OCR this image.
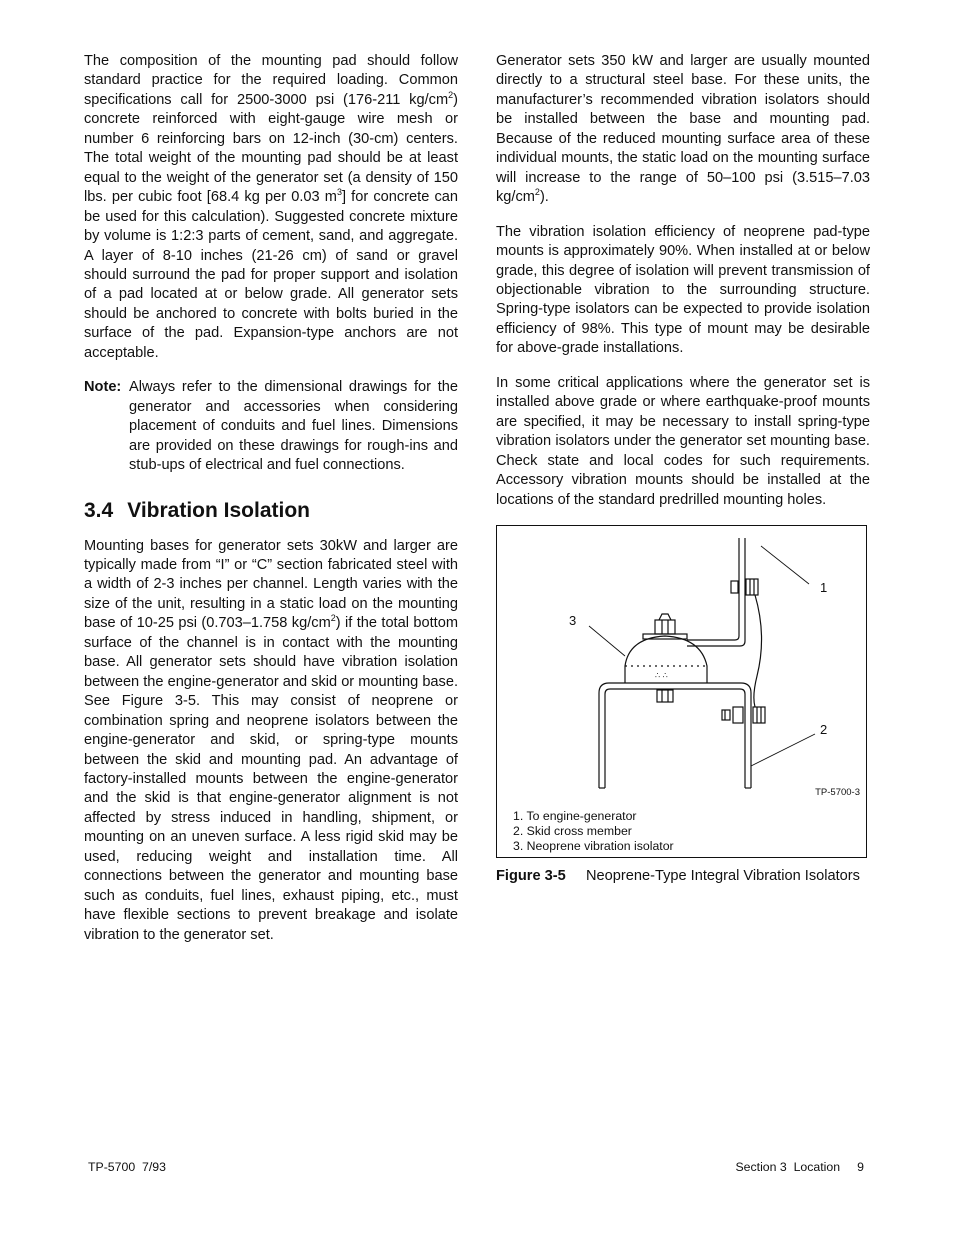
The composition of the mounting pad should follow standard practice for the required loading. Common specifications call for 2500-3000 psi (176-211 $kg/cm^2$) concrete reinforced with eight-gauge wire mesh or number 6 reinforcing bars on 12-inch (30-cm) centers. The total weight of the mounting pad should be at least equal to the weight of the generator set (a density of 150 lbs. per cubic foot [68.4 kg per 0.03 $m^3$] for concrete can be used for this calculation). Suggested concrete mixture by volume is 1:2:3 parts of cement, sand, and aggregate. A layer of 8-10 inches (21-26 cm) of sand or gravel should surround the pad for proper support and isolation of a pad located at or below grade. All generator sets should be anchored to concrete with bolts buried in the surface of the pad. Expansion-type anchors are not acceptable.

Note: Always refer to the dimensional drawings for the generator and accessories when considering placement of conduits and fuel lines. Dimensions are provided on these drawings for rough-ins and stub-ups of electrical and fuel connections.
3.4 Vibration Isolation

Mounting bases for generator sets 30kW and larger are typically made from “I” or “C” section fabricated steel with a width of 2-3 inches per channel. Length varies with the size of the unit, resulting in a static load on the mounting base of 10-25 psi (0.703–1.758 $kg/cm^2$) if the total bottom surface of the channel is in contact with the mounting base. All generator sets should have vibration isolation between the engine-generator and skid or mounting base. See Figure 3-5. This may consist of neoprene or combination spring and neoprene isolators between the engine-generator and skid, or spring-type mounts between the skid and mounting pad. An advantage of factory-installed mounts between the engine-generator and the skid is that engine-generator alignment is not affected by stress induced in handling, shipment, or mounting on an uneven surface. A less rigid skid may be used, reducing weight and installation time. All connections between the generator and mounting base such as conduits, fuel lines, exhaust piping, etc., must have flexible sections to prevent breakage and isolate vibration to the generator set.

Generator sets 350 kW and larger are usually mounted directly to a structural steel base. For these units, the manufacturer’s recommended vibration isolators should be installed between the base and mounting pad. Because of the reduced mounting surface area of these individual mounts, the static load on the mounting surface will increase to the range of 50–100 psi (3.515–7.03 $kg/cm^2$).

The vibration isolation efficiency of neoprene pad-type mounts is approximately 90%. When installed at or below grade, this degree of isolation will prevent transmission of objectionable vibration to the surrounding structure. Spring-type isolators can be expected to provide isolation efficiency of 98%. This type of mount may be desirable for above-grade installations.

In some critical applications where the generator set is installed above grade or where earthquake-proof mounts are specified, it may be necessary to install spring-type vibration isolators under the generator set mounting base. Check state and local codes for such requirements. Accessory vibration mounts should be installed at the locations of the standard predrilled mounting holes.

∴ ∴
1
2
3
TP-5700-3
1. To engine-generator
2. Skid cross member
3. Neoprene vibration isolator
Figure 3-5	Neoprene-Type Integral Vibration Isolators
TP-5700  7/93	Section 3  Location     9
